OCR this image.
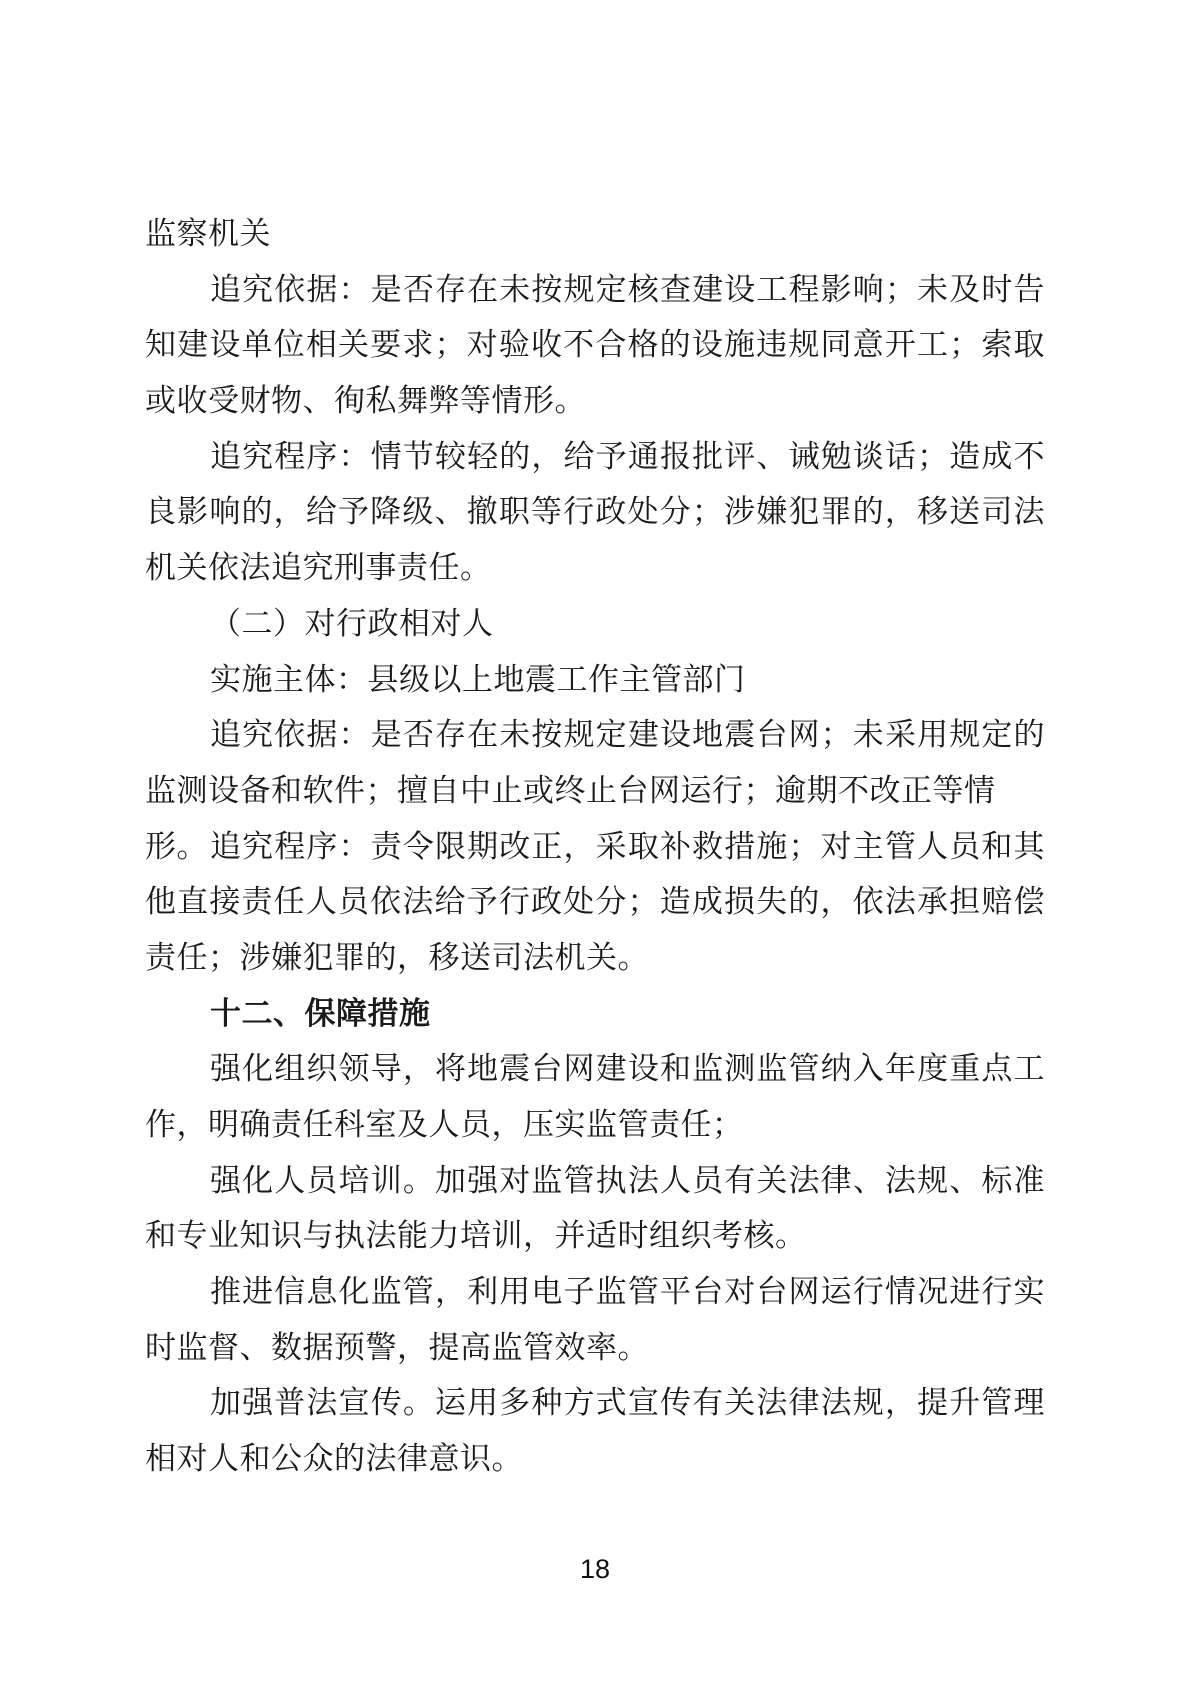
监察机关
追究依据：是否存在未按规定核查建设工程影响；未及时告
知建设单位相关要求；对验收不合格的设施违规同意开工；索取
或收受财物、徇私舞弊等情形。
追究程序：情节较轻的，给予通报批评、诫勉谈话；造成不
良影响的，给予降级、撤职等行政处分；涉嫌犯罪的，移送司法
机关依法追究刑事责任。
（二）对行政相对人
实施主体：县级以上地震工作主管部门
追究依据：是否存在未按规定建设地震台网；未采用规定的
监测设备和软件；擅自中止或终止台网运行；逾期不改正等情形。 追究程序：责令限期改正，采取补救措施；对主管人员和其
他直接责任人员依法给予行政处分；造成损失的，依法承担赔偿
责任；涉嫌犯罪的，移送司法机关。
十二、保障措施
强化组织领导，将地震台网建设和监测监管纳入年度重点工
作，明确责任科室及人员，压实监管责任；
强化人员培训。加强对监管执法人员有关法律、法规、标准
和专业知识与执法能力培训，并适时组织考核。
推进信息化监管，利用电子监管平台对台网运行情况进行实
时监督、数据预警，提高监管效率。
加强普法宣传。运用多种方式宣传有关法律法规，提升管理
相对人和公众的法律意识。
18
